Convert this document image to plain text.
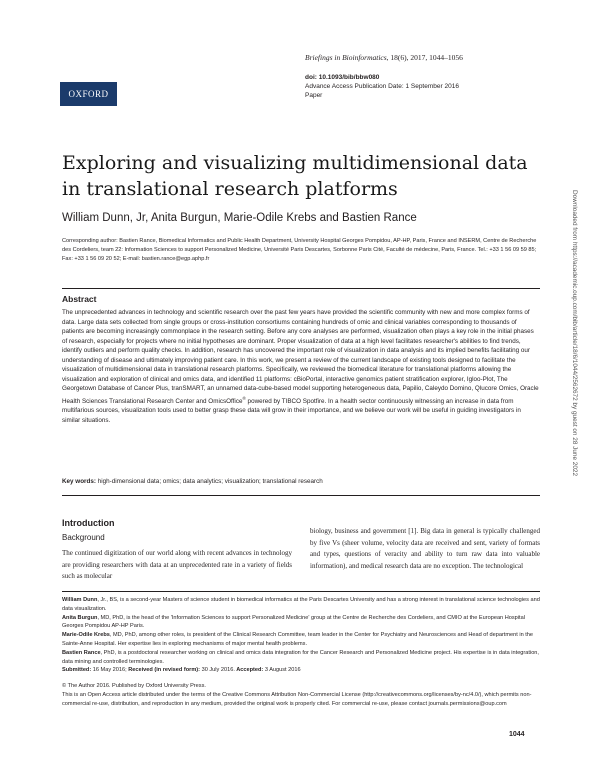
OXFORD
Briefings in Bioinformatics, 18(6), 2017, 1044–1056
doi: 10.1093/bib/bbw080
Advance Access Publication Date: 1 September 2016
Paper
Exploring and visualizing multidimensional data in translational research platforms
William Dunn, Jr, Anita Burgun, Marie-Odile Krebs and Bastien Rance
Corresponding author: Bastien Rance, Biomedical Informatics and Public Health Department, University Hospital Georges Pompidou, AP-HP, Paris, France and INSERM, Centre de Recherche des Cordeliers, team 22: Information Sciences to support Personalized Medicine, Université Paris Descartes, Sorbonne Paris Cité, Faculté de médecine, Paris, France. Tel.: +33 1 56 09 59 85; Fax: +33 1 56 09 20 52; E-mail: bastien.rance@egp.aphp.fr
Abstract
The unprecedented advances in technology and scientific research over the past few years have provided the scientific community with new and more complex forms of data. Large data sets collected from single groups or cross-institution consortiums containing hundreds of omic and clinical variables corresponding to thousands of patients are becoming increasingly commonplace in the research setting. Before any core analyses are performed, visualization often plays a key role in the initial phases of research, especially for projects where no initial hypotheses are dominant. Proper visualization of data at a high level facilitates researcher's abilities to find trends, identify outliers and perform quality checks. In addition, research has uncovered the important role of visualization in data analysis and its implied benefits facilitating our understanding of disease and ultimately improving patient care. In this work, we present a review of the current landscape of existing tools designed to facilitate the visualization of multidimensional data in translational research platforms. Specifically, we reviewed the biomedical literature for translational platforms allowing the visualization and exploration of clinical and omics data, and identified 11 platforms: cBioPortal, interactive genomics patient stratification explorer, Igloo-Plot, The Georgetown Database of Cancer Plus, tranSMART, an unnamed data-cube-based model supporting heterogeneous data, Papilio, Caleydo Domino, Qlucore Omics, Oracle Health Sciences Translational Research Center and OmicsOffice® powered by TIBCO Spotfire. In a health sector continuously witnessing an increase in data from multifarious sources, visualization tools used to better grasp these data will grow in their importance, and we believe our work will be useful in guiding investigators in similar situations.
Key words: high-dimensional data; omics; data analytics; visualization; translational research
Introduction
Background
The continued digitization of our world along with recent advances in technology are providing researchers with data at an unprecedented rate in a variety of fields such as molecular
biology, business and government [1]. Big data in general is typically challenged by five Vs (sheer volume, velocity data are received and sent, variety of formats and types, questions of veracity and ability to turn raw data into valuable information), and medical research data are no exception. The technological

William Dunn, Jr., BS, is a second-year Masters of science student in biomedical informatics at the Paris Descartes University and has a strong interest in translational science technologies and data visualization.

Anita Burgun, MD, PhD, is the head of the 'Information Sciences to support Personalized Medicine' group at the Centre de Recherche des Cordeliers, and CMIO at the European Hospital Georges Pompidou AP-HP Paris.

Marie-Odile Krebs, MD, PhD, among other roles, is president of the Clinical Research Committee, team leader in the Center for Psychiatry and Neurosciences and Head of department in the Sainte-Anne Hospital. Her expertise lies in exploring mechanisms of major mental health problems.

Bastien Rance, PhD, is a postdoctoral researcher working on clinical and omics data integration for the Cancer Research and Personalized Medicine project. His expertise is in data integration, data mining and controlled terminologies.

Submitted: 16 May 2016; Received (in revised form): 30 July 2016. Accepted: 3 August 2016

© The Author 2016. Published by Oxford University Press.

This is an Open Access article distributed under the terms of the Creative Commons Attribution Non-Commercial License (http://creativecommons.org/licenses/by-nc/4.0/), which permits non-commercial re-use, distribution, and reproduction in any medium, provided the original work is properly cited. For commercial re-use, please contact journals.permissions@oup.com

1044
Downloaded from https://academic.oup.com/bib/article/18/6/1044/2562672 by guest on 28 June 2022
